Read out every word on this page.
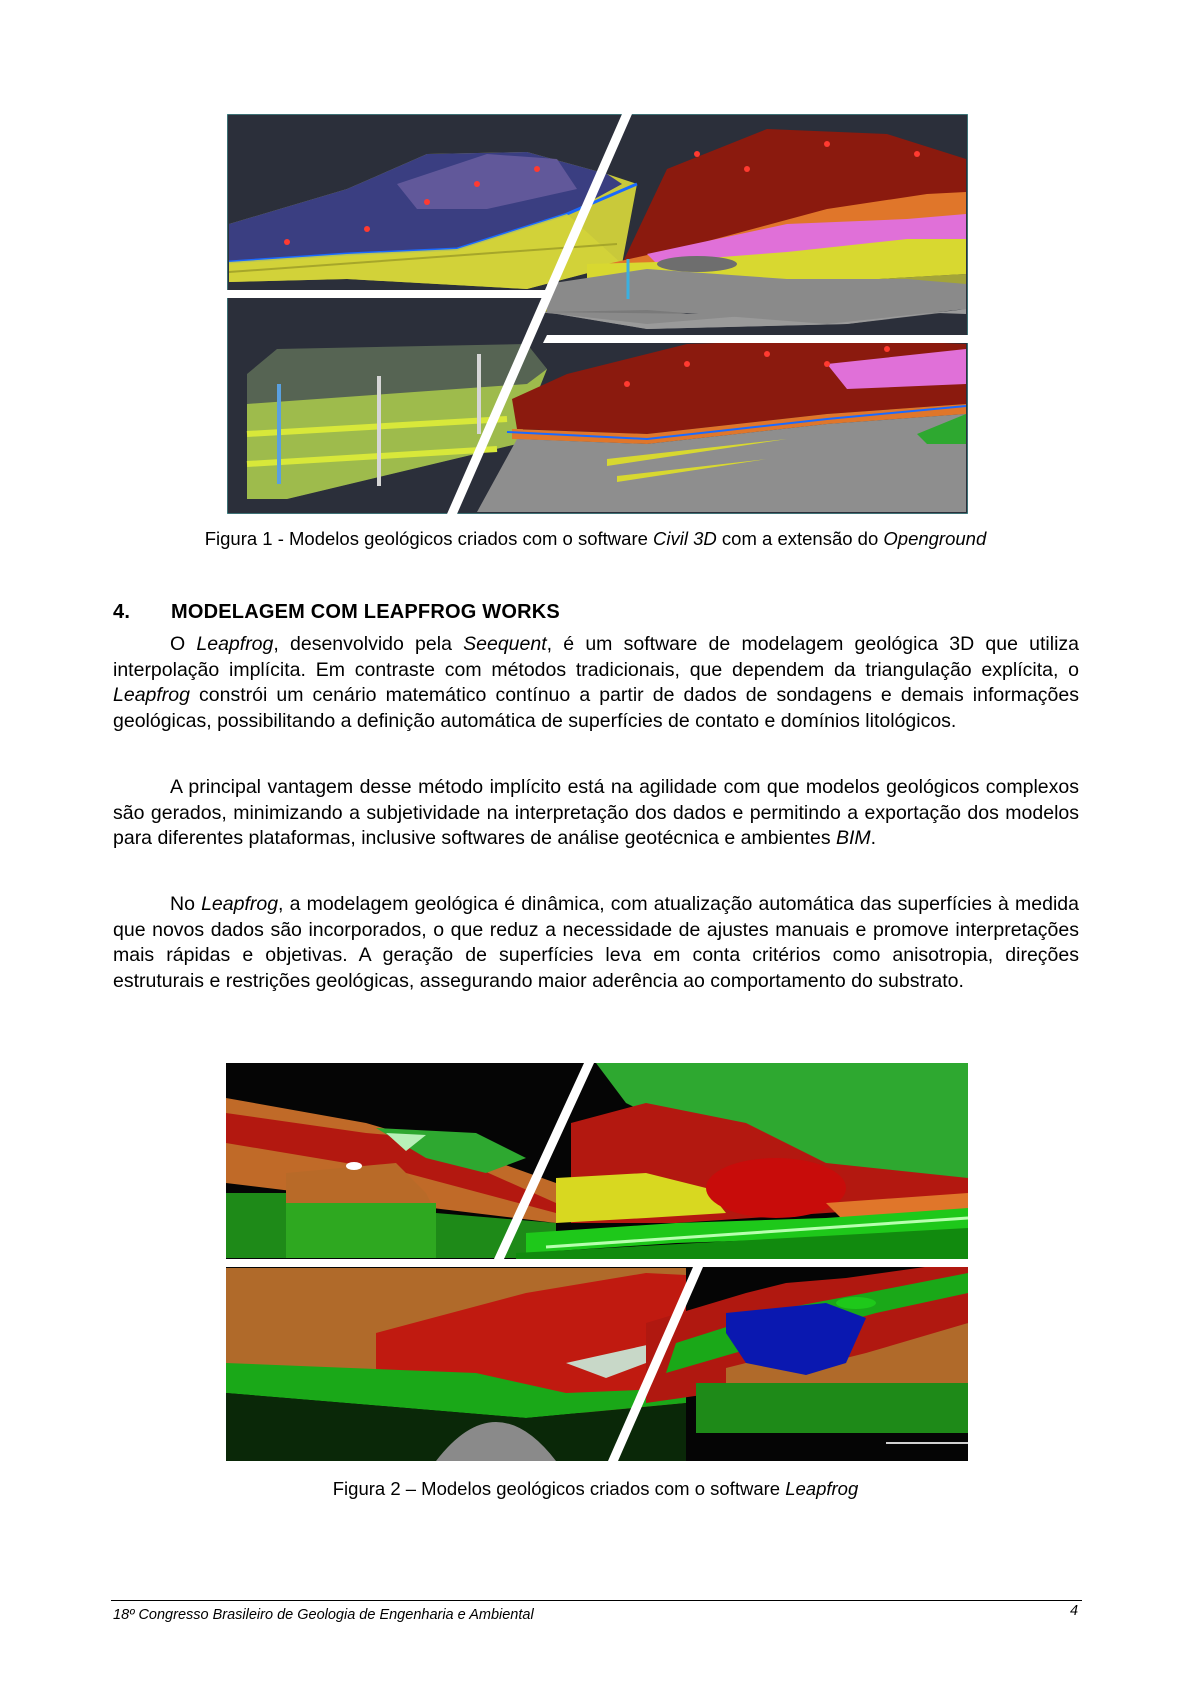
Figura 1 - Modelos geológicos criados com o software Civil 3D com a extensão do Openground
4. MODELAGEM COM LEAPFROG WORKS

O Leapfrog, desenvolvido pela Seequent, é um software de modelagem geológica 3D que utiliza interpolação implícita. Em contraste com métodos tradicionais, que dependem da triangulação explícita, o Leapfrog constrói um cenário matemático contínuo a partir de dados de sondagens e demais informações geológicas, possibilitando a definição automática de superfícies de contato e domínios litológicos.

A principal vantagem desse método implícito está na agilidade com que modelos geológicos complexos são gerados, minimizando a subjetividade na interpretação dos dados e permitindo a exportação dos modelos para diferentes plataformas, inclusive softwares de análise geotécnica e ambientes BIM.

No Leapfrog, a modelagem geológica é dinâmica, com atualização automática das superfícies à medida que novos dados são incorporados, o que reduz a necessidade de ajustes manuais e promove interpretações mais rápidas e objetivas. A geração de superfícies leva em conta critérios como anisotropia, direções estruturais e restrições geológicas, assegurando maior aderência ao comportamento do substrato.

Figura 2 – Modelos geológicos criados com o software Leapfrog
18º Congresso Brasileiro de Geologia de Engenharia e Ambiental	4
